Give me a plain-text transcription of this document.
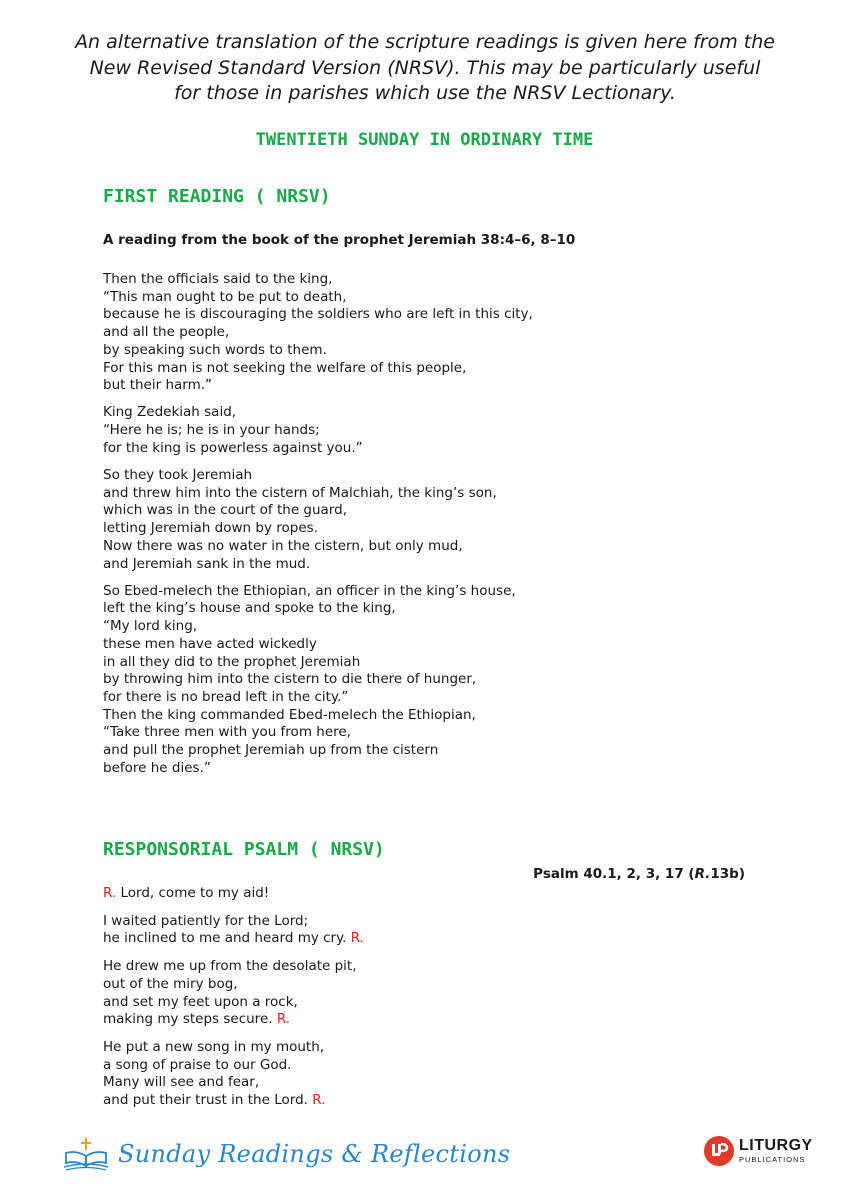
An alternative translation of the scripture readings is given here from the
New Revised Standard Version (NRSV). This may be particularly useful
for those in parishes which use the NRSV Lectionary.
TWENTIETH SUNDAY IN ORDINARY TIME
FIRST READING ( NRSV)
A reading from the book of the prophet Jeremiah 38:4–6, 8–10
Then the officials said to the king,
“This man ought to be put to death,
because he is discouraging the soldiers who are left in this city,
and all the people,
by speaking such words to them.
For this man is not seeking the welfare of this people,
but their harm.”
King Zedekiah said,
“Here he is; he is in your hands;
for the king is powerless against you.”
So they took Jeremiah
and threw him into the cistern of Malchiah, the king’s son,
which was in the court of the guard,
letting Jeremiah down by ropes.
Now there was no water in the cistern, but only mud,
and Jeremiah sank in the mud.
So Ebed-melech the Ethiopian, an officer in the king’s house,
left the king’s house and spoke to the king,
“My lord king,
these men have acted wickedly
in all they did to the prophet Jeremiah
by throwing him into the cistern to die there of hunger,
for there is no bread left in the city.”
Then the king commanded Ebed-melech the Ethiopian,
“Take three men with you from here,
and pull the prophet Jeremiah up from the cistern
before he dies.”
RESPONSORIAL PSALM ( NRSV)
Psalm 40.1, 2, 3, 17 (R.13b)
R. Lord, come to my aid!
I waited patiently for the Lord;
he inclined to me and heard my cry. R.
He drew me up from the desolate pit,
out of the miry bog,
and set my feet upon a rock,
making my steps secure. R.
He put a new song in my mouth,
a song of praise to our God.
Many will see and fear,
and put their trust in the Lord. R.
Sunday Readings & Reflections	LITURGY
PUBLICATIONS
